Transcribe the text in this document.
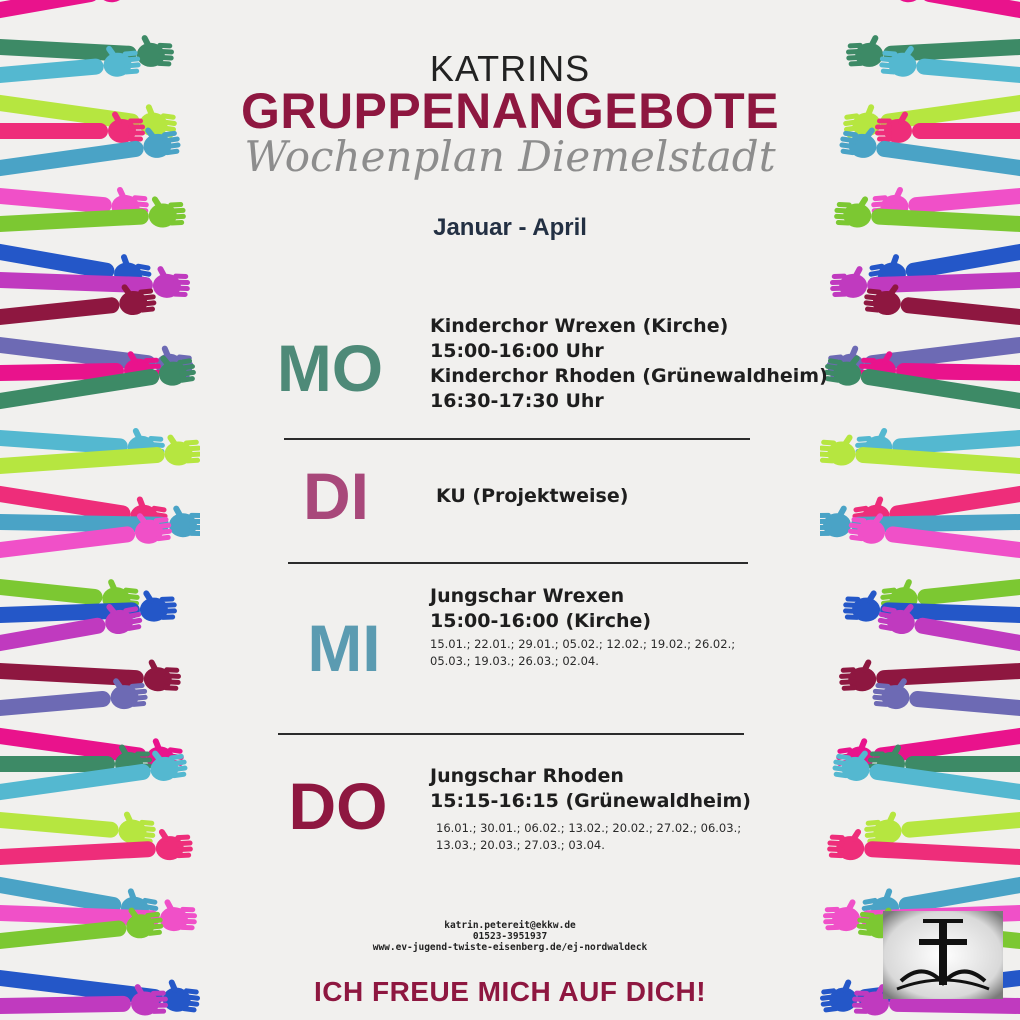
KATRINS
GRUPPENANGEBOTE
Wochenplan Diemelstadt
Januar - April
MO
Kinderchor Wrexen (Kirche)
15:00-16:00 Uhr
Kinderchor Rhoden (Grünewaldheim)
16:30-17:30 Uhr
DI	KU (Projektweise)
MI
Jungschar Wrexen
15:00-16:00 (Kirche)
15.01.; 22.01.; 29.01.; 05.02.; 12.02.; 19.02.; 26.02.; 05.03.; 19.03.; 26.03.; 02.04.
DO	Jungschar Rhoden
15:15-16:15 (Grünewaldheim)
16.01.; 30.01.; 06.02.; 13.02.; 20.02.; 27.02.; 06.03.; 13.03.; 20.03.; 27.03.; 03.04.
katrin.petereit@ekkw.de
01523-3951937
www.ev-jugend-twiste-eisenberg.de/ej-nordwaldeck
ICH FREUE MICH AUF DICH!
